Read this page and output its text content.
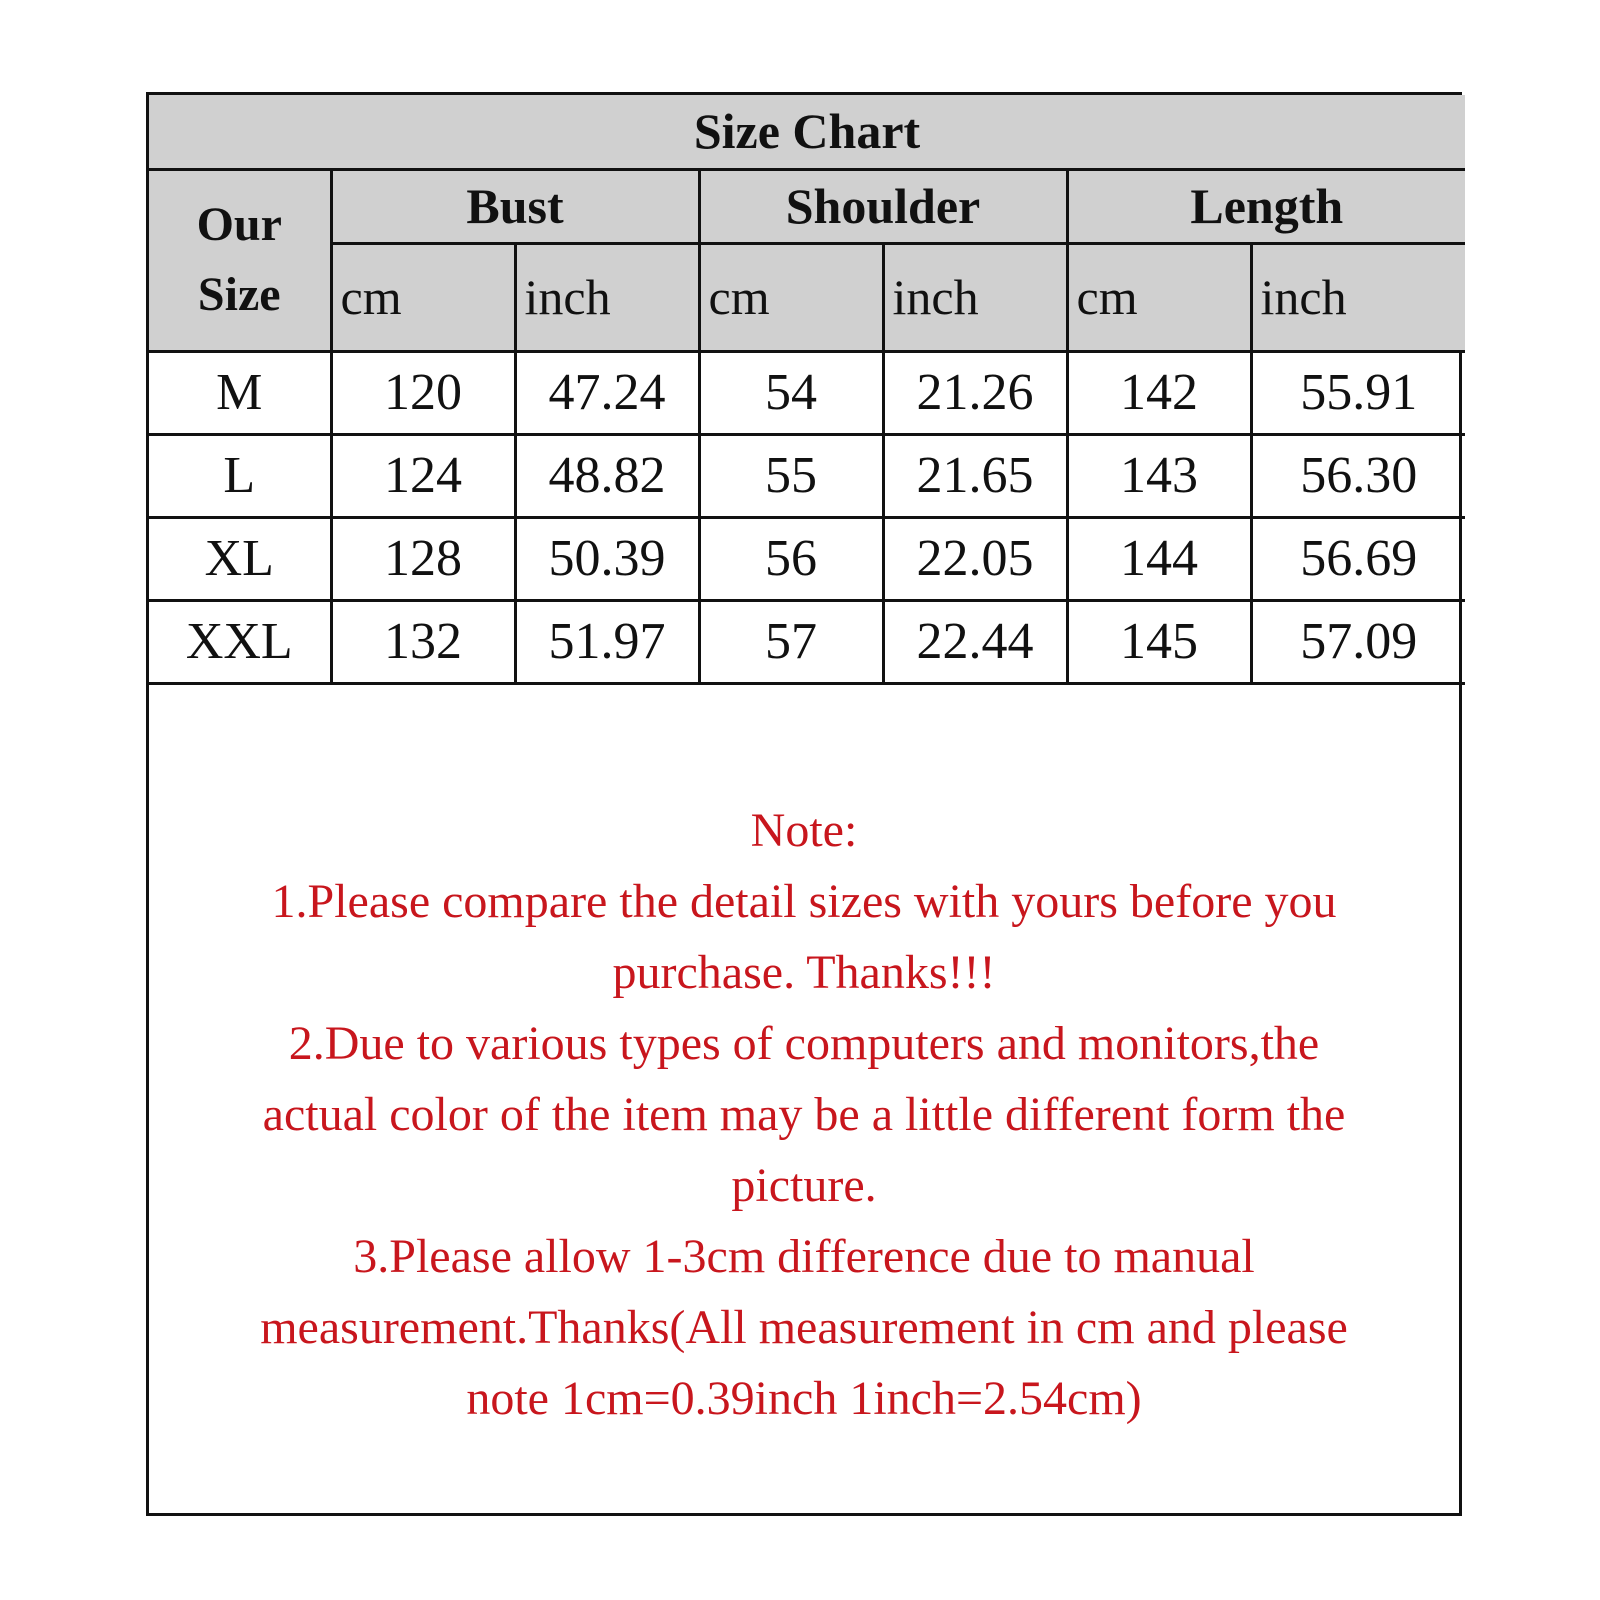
Size Chart						

Our
Size	Bust		Shoulder		Length	
	cm	inch	cm	inch	cm	inch
M	120	47.24	54	21.26	142	55.91
L	124	48.82	55	21.65	143	56.30
XL	128	50.39	56	22.05	144	56.69
XXL	132	51.97	57	22.44	145	57.09
Note:
1.Please compare the detail sizes with yours before you
purchase. Thanks!!!
2.Due to various types of computers and monitors,the
actual color of the item may be a little different form the
picture.
3.Please allow 1-3cm difference due to manual
measurement.Thanks(All measurement in cm and please
note 1cm=0.39inch 1inch=2.54cm)
